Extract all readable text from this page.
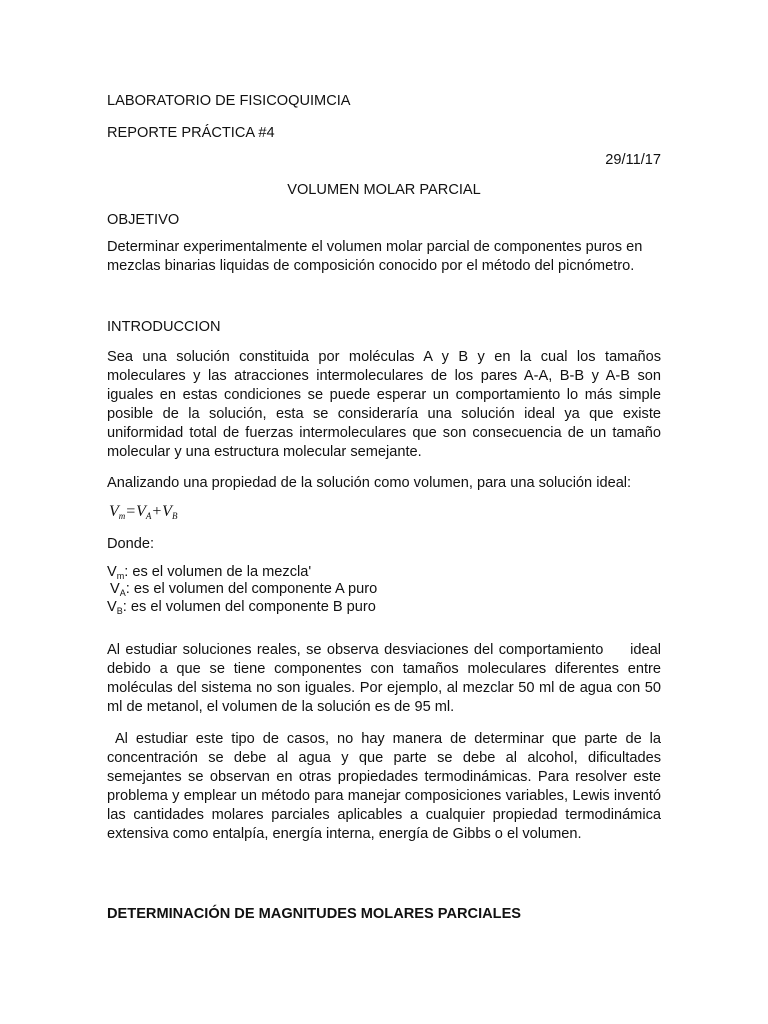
LABORATORIO DE FISICOQUIMCIA
REPORTE PRÁCTICA #4
29/11/17
VOLUMEN MOLAR PARCIAL
OBJETIVO
Determinar experimentalmente el volumen molar parcial de componentes puros en mezclas binarias liquidas de composición conocido por el método del picnómetro.
INTRODUCCION
Sea una solución constituida por moléculas A y B y en la cual los tamaños moleculares y las atracciones intermoleculares de los pares A-A, B-B y A-B son iguales en estas condiciones se puede esperar un comportamiento lo más simple posible de la solución, esta se consideraría una solución ideal ya que existe uniformidad total de fuerzas intermoleculares que son consecuencia de un tamaño molecular y una estructura molecular semejante.
Analizando una propiedad de la solución como volumen, para una solución ideal:
$V_m=V_A+V_B$
Donde:
$V_m$: es el volumen de la mezcla'
$V_A$: es el volumen del componente A puro
$V_B$: es el volumen del componente B puro
Al estudiar soluciones reales, se observa desviaciones del comportamiento     ideal debido a que se tiene componentes con tamaños moleculares diferentes entre moléculas del sistema no son iguales. Por ejemplo, al mezclar 50 ml de agua con 50 ml de metanol, el volumen de la solución es de 95 ml.
Al estudiar este tipo de casos, no hay manera de determinar que parte de la concentración se debe al agua y que parte se debe al alcohol, dificultades semejantes se observan en otras propiedades termodinámicas. Para resolver este problema y emplear un método para manejar composiciones variables, Lewis inventó las cantidades molares parciales aplicables a cualquier propiedad termodinámica extensiva como entalpía, energía interna, energía de Gibbs o el volumen.
DETERMINACIÓN DE MAGNITUDES MOLARES PARCIALES
